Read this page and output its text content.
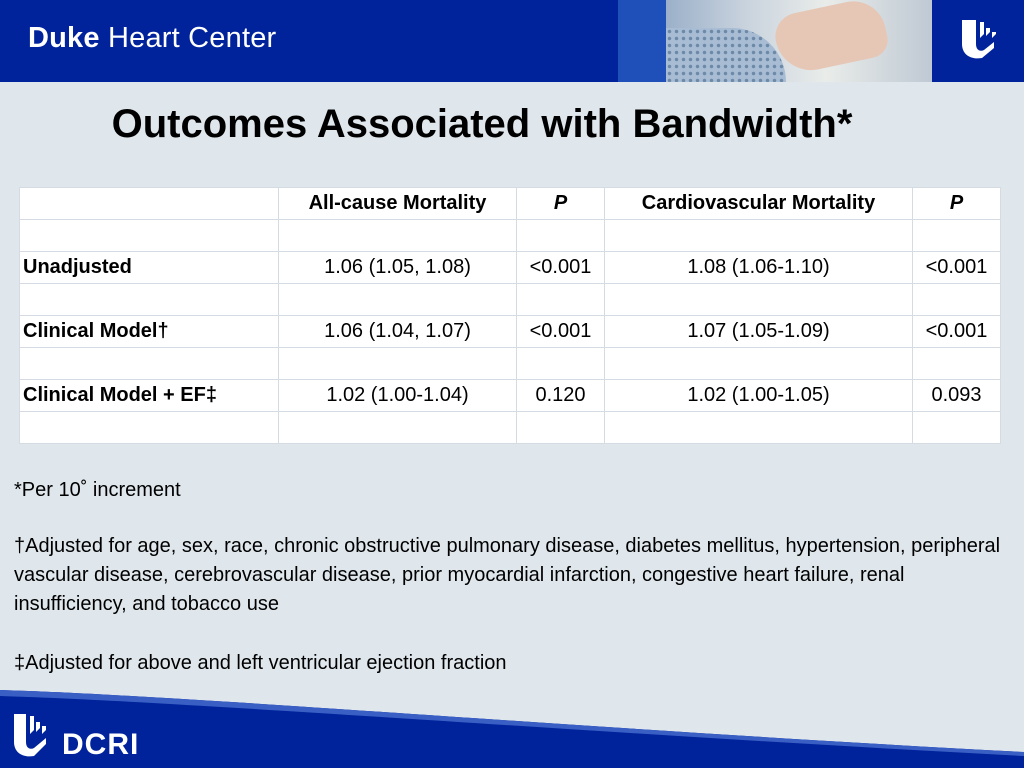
Duke Heart Center
Outcomes Associated with Bandwidth*
	All-cause Mortality	P	Cardiovascular Mortality	P

Unadjusted	1.06 (1.05, 1.08)	<0.001	1.08 (1.06-1.10)	<0.001

Clinical Model†	1.06 (1.04, 1.07)	<0.001	1.07 (1.05-1.09)	<0.001

Clinical Model + EF‡	1.02 (1.00-1.04)	0.120	1.02 (1.00-1.05)	0.093

*Per 10˚ increment
†Adjusted for age, sex, race, chronic obstructive pulmonary disease, diabetes mellitus, hypertension, peripheral vascular disease, cerebrovascular disease, prior myocardial infarction, congestive heart failure, renal insufficiency, and tobacco use
‡Adjusted for above and left ventricular ejection fraction
DCRI
